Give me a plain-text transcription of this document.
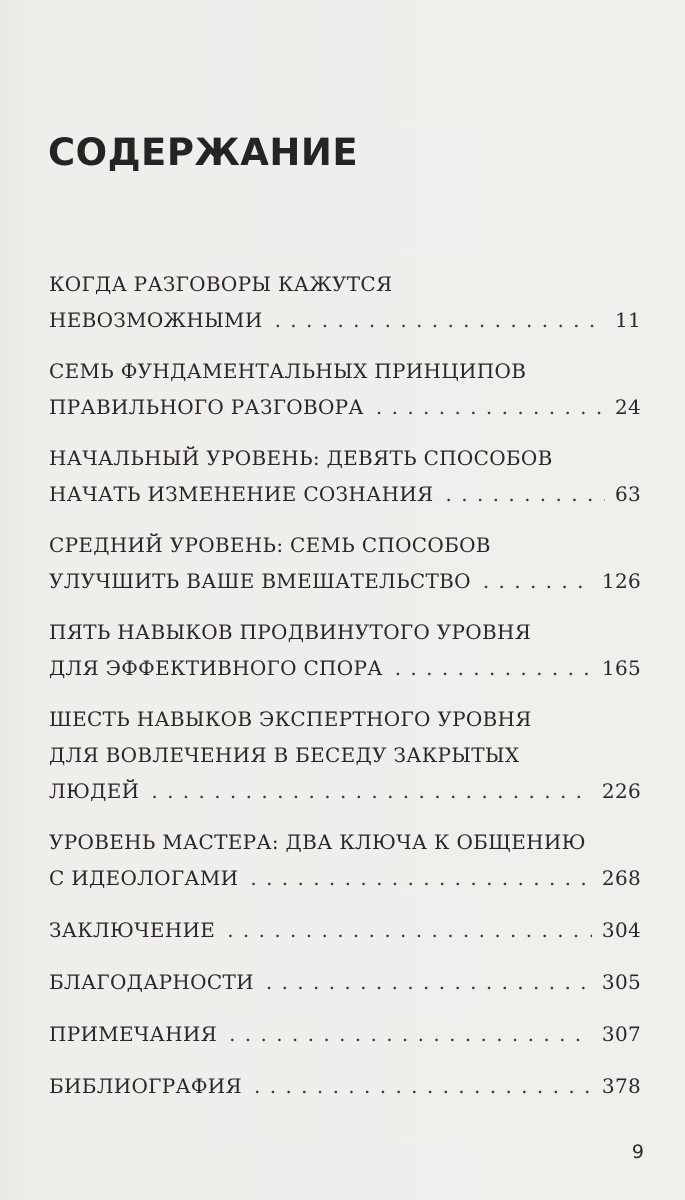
СОДЕРЖАНИЕ
КОГДА РАЗГОВОРЫ КАЖУТСЯ
НЕВОЗМОЖНЫМИ . . .	11
СЕМЬ ФУНДАМЕНТАЛЬНЫХ ПРИНЦИПОВ
ПРАВИЛЬНОГО РАЗГОВОРА . . .	24
НАЧАЛЬНЫЙ УРОВЕНЬ: ДЕВЯТЬ СПОСОБОВ
НАЧАТЬ ИЗМЕНЕНИЕ СОЗНАНИЯ . . .	63
СРЕДНИЙ УРОВЕНЬ: СЕМЬ СПОСОБОВ
УЛУЧШИТЬ ВАШЕ ВМЕШАТЕЛЬСТВО . . .	126
ПЯТЬ НАВЫКОВ ПРОДВИНУТОГО УРОВНЯ
ДЛЯ ЭФФЕКТИВНОГО СПОРА . . .	165
ШЕСТЬ НАВЫКОВ ЭКСПЕРТНОГО УРОВНЯ
ДЛЯ ВОВЛЕЧЕНИЯ В БЕСЕДУ ЗАКРЫТЫХ
ЛЮДЕЙ . . .	226
УРОВЕНЬ МАСТЕРА: ДВА КЛЮЧА К ОБЩЕНИЮ
С ИДЕОЛОГАМИ . . .	268
ЗАКЛЮЧЕНИЕ . . .	304
БЛАГОДАРНОСТИ . . .	305
ПРИМЕЧАНИЯ . . .	307
БИБЛИОГРАФИЯ . . .	378
9
